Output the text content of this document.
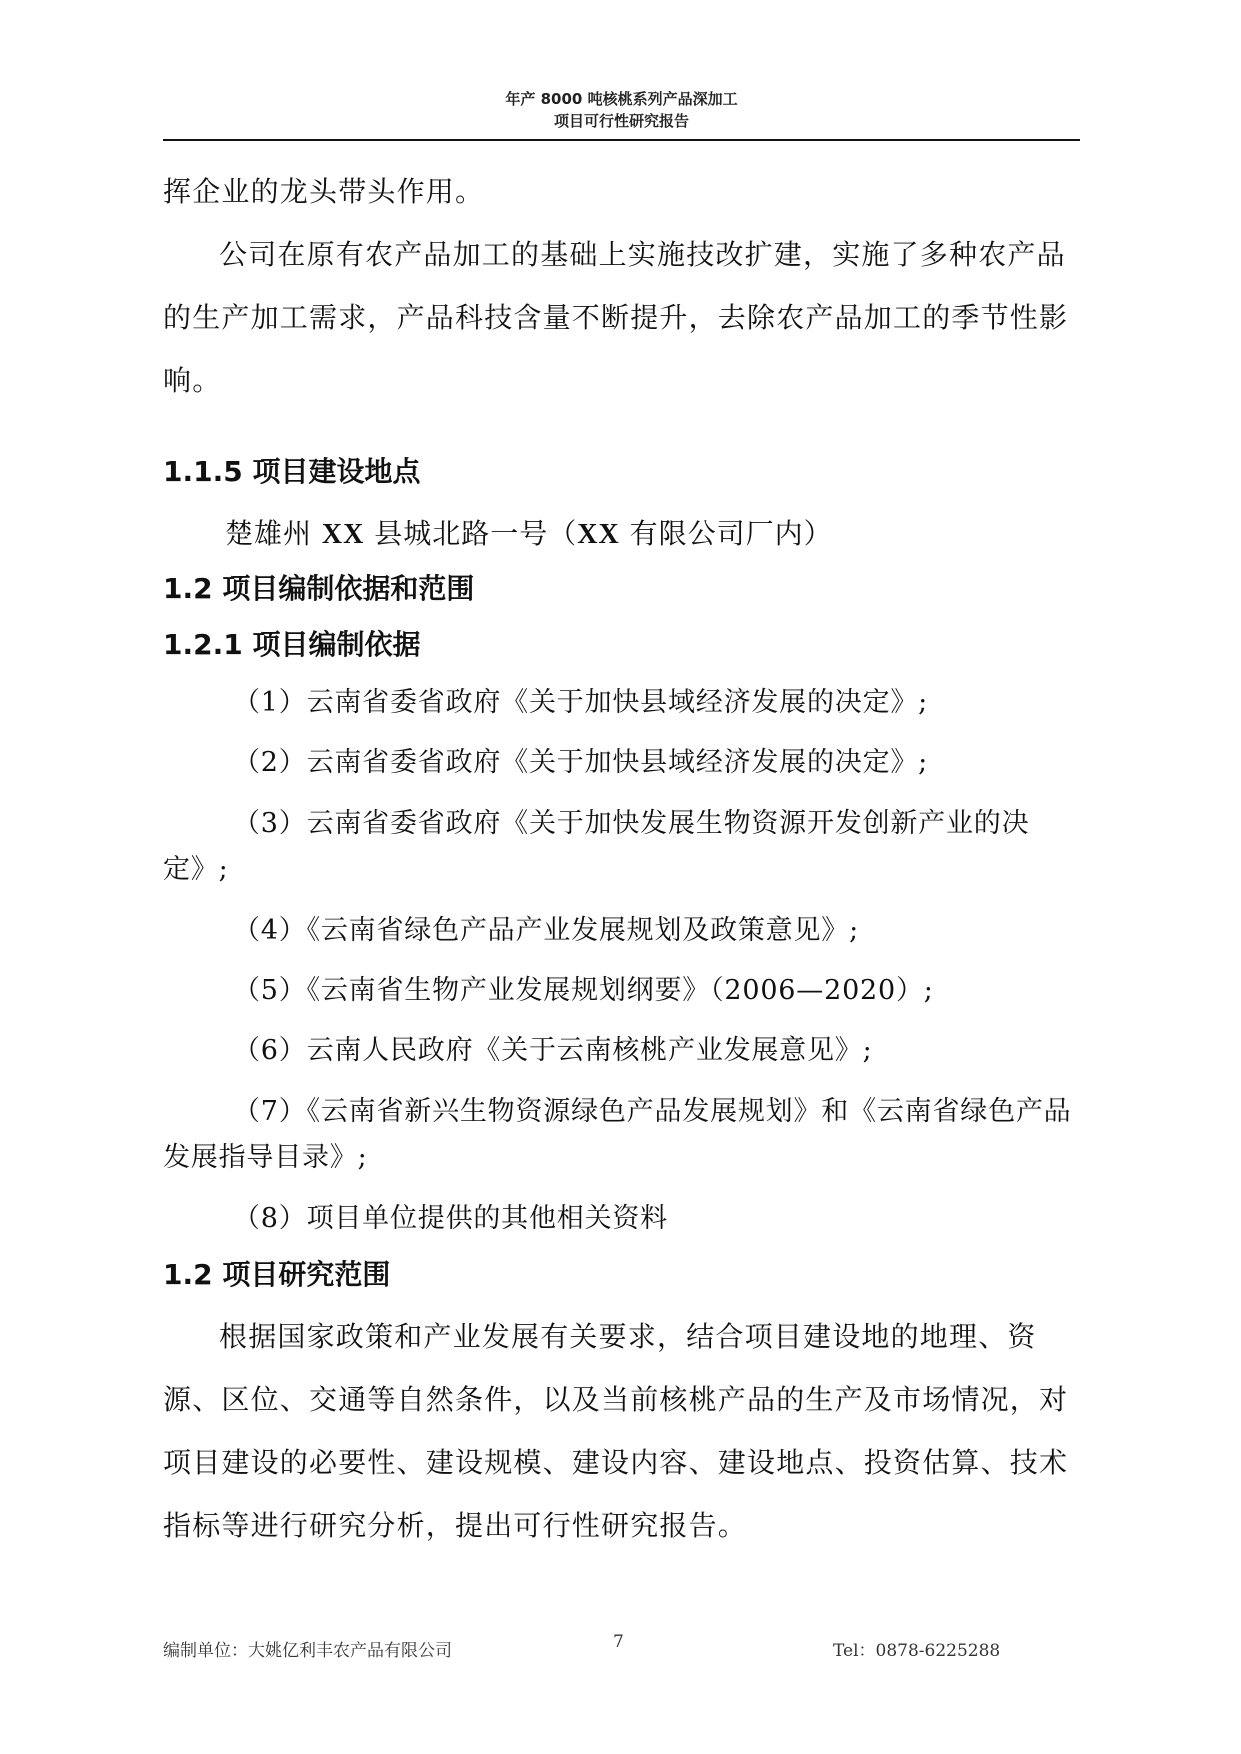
年产 8000 吨核桃系列产品深加工
项目可行性研究报告

挥企业的龙头带头作用。

公司在原有农产品加工的基础上实施技改扩建，实施了多种农产品的生产加工需求，产品科技含量不断提升，去除农产品加工的季节性影响。

1.1.5 项目建设地点

楚雄州 XX 县城北路一号（XX 有限公司厂内）

1.2 项目编制依据和范围

1.2.1 项目编制依据

（1）云南省委省政府《关于加快县域经济发展的决定》;

（2）云南省委省政府《关于加快县域经济发展的决定》;

（3）云南省委省政府《关于加快发展生物资源开发创新产业的决定》;

（4）《云南省绿色产品产业发展规划及政策意见》;

（5）《云南省生物产业发展规划纲要》（2006—2020）;

（6）云南人民政府《关于云南核桃产业发展意见》;

（7）《云南省新兴生物资源绿色产品发展规划》和《云南省绿色产品发展指导目录》;

（8）项目单位提供的其他相关资料

1.2 项目研究范围

根据国家政策和产业发展有关要求，结合项目建设地的地理、资源、区位、交通等自然条件，以及当前核桃产品的生产及市场情况，对项目建设的必要性、建设规模、建设内容、建设地点、投资估算、技术指标等进行研究分析，提出可行性研究报告。

编制单位：大姚亿利丰农产品有限公司	7	Tel：0878-6225288
